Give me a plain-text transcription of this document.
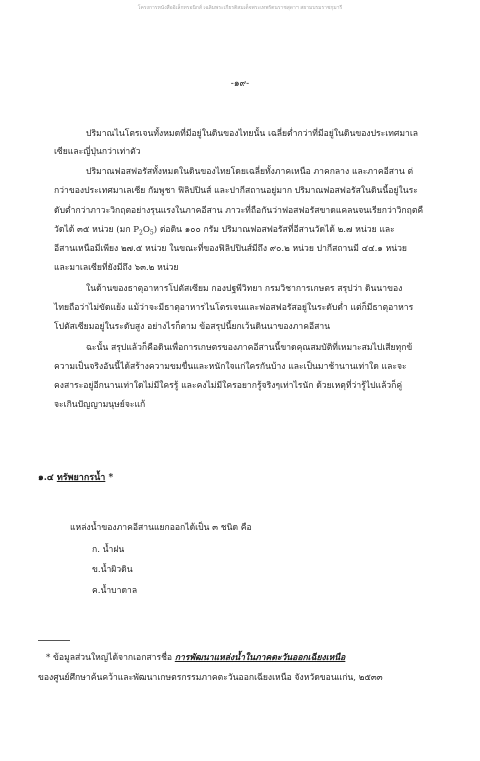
โครงการหนังสืออิเล็กทรอนิกส์ เฉลิมพระเกียรติสมเด็จพระเทพรัตนราชสุดาฯ สยามบรมราชกุมารี
-๑๙-
ปริมาณไนโตรเจนทั้งหมดที่มีอยู่ในดินของไทยนั้น เฉลี่ยต่ำกว่าที่มีอยู่ในดินของประเทศมาเล
เซียและญี่ปุ่นกว่าเท่าตัว
ปริมาณฟอสฟอรัสทั้งหมดในดินของไทยโดยเฉลี่ยทั้งภาคเหนือ ภาคกลาง และภาคอีสาน ต่
กว่าของประเทศมาเลเซีย กัมพูชา ฟิลิปปินส์ และปากีสถานอยู่มาก ปริมาณฟอสฟอรัสในดินนี้อยู่ในระ
ดับต่ำกว่าภาวะวิกฤตอย่างรุนแรงในภาคอีสาน ภาวะที่ถือกันว่าฟอสฟอรัสขาดแคลนจนเรียกว่าวิกฤตคื
วัดได้ ๓๕ หน่วย (มก $P_2O_5$) ต่อดิน ๑๐๐ กรัม ปริมาณฟอสฟอรัสที่อีสานวัดได้ ๒.๗ หน่วย และ
อีสานเหนือมีเพียง ๒๗.๕ หน่วย ในขณะที่ของฟิลิปปินส์มีถึง ๙๐.๒ หน่วย ปากีสถานมี ๔๔.๑ หน่วย
และมาเลเซียที่ยังมีถึง ๖๓.๒ หน่วย
ในด้านของธาตุอาหารโปตัสเซียม กองปฐพีวิทยา กรมวิชาการเกษตร สรุปว่า ดินนาของ
ไทยถือว่าไม่ขัดแย้ง แม้ว่าจะมีธาตุอาหารไนโตรเจนและฟอสฟอรัสอยู่ในระดับต่ำ แต่ก็มีธาตุอาหาร
โปตัสเซียมอยู่ในระดับสูง อย่างไรก็ตาม ข้อสรุปนี้ยกเว้นดินนาของภาคอีสาน
ฉะนั้น สรุปแล้วก็คือดินเพื่อการเกษตรของภาคอีสานนี้ขาดคุณสมบัติที่เหมาะสมไปเสียทุกข้
ความเป็นจริงอันนี้ได้สร้างความขมขื่นและหนักใจแก่ใครกันบ้าง และเป็นมาช้านานเท่าใด และจะ
คงสาระอยู่อีกนานเท่าใดไม่มีใครรู้ และคงไม่มีใครอยากรู้จริงๆเท่าไรนัก ด้วยเหตุที่ว่ารู้ไปแล้วก็คู่
จะเกินปัญญามนุษย์จะแก้
๑.๔ ทรัพยากรน้ำ *
แหล่งน้ำของภาคอีสานแยกออกได้เป็น ๓ ชนิด คือ
ก. น้ำฝน
ข.น้ำผิวดิน
ค.น้ำบาดาล
* ข้อมูลส่วนใหญ่ได้จากเอกสารชื่อ การพัฒนาแหล่งน้ำในภาคตะวันออกเฉียงเหนือ
ของศูนย์ศึกษาค้นคว้าและพัฒนาเกษตรกรรมภาคตะวันออกเฉียงเหนือ จังหวัดขอนแก่น, ๒๕๓๓
